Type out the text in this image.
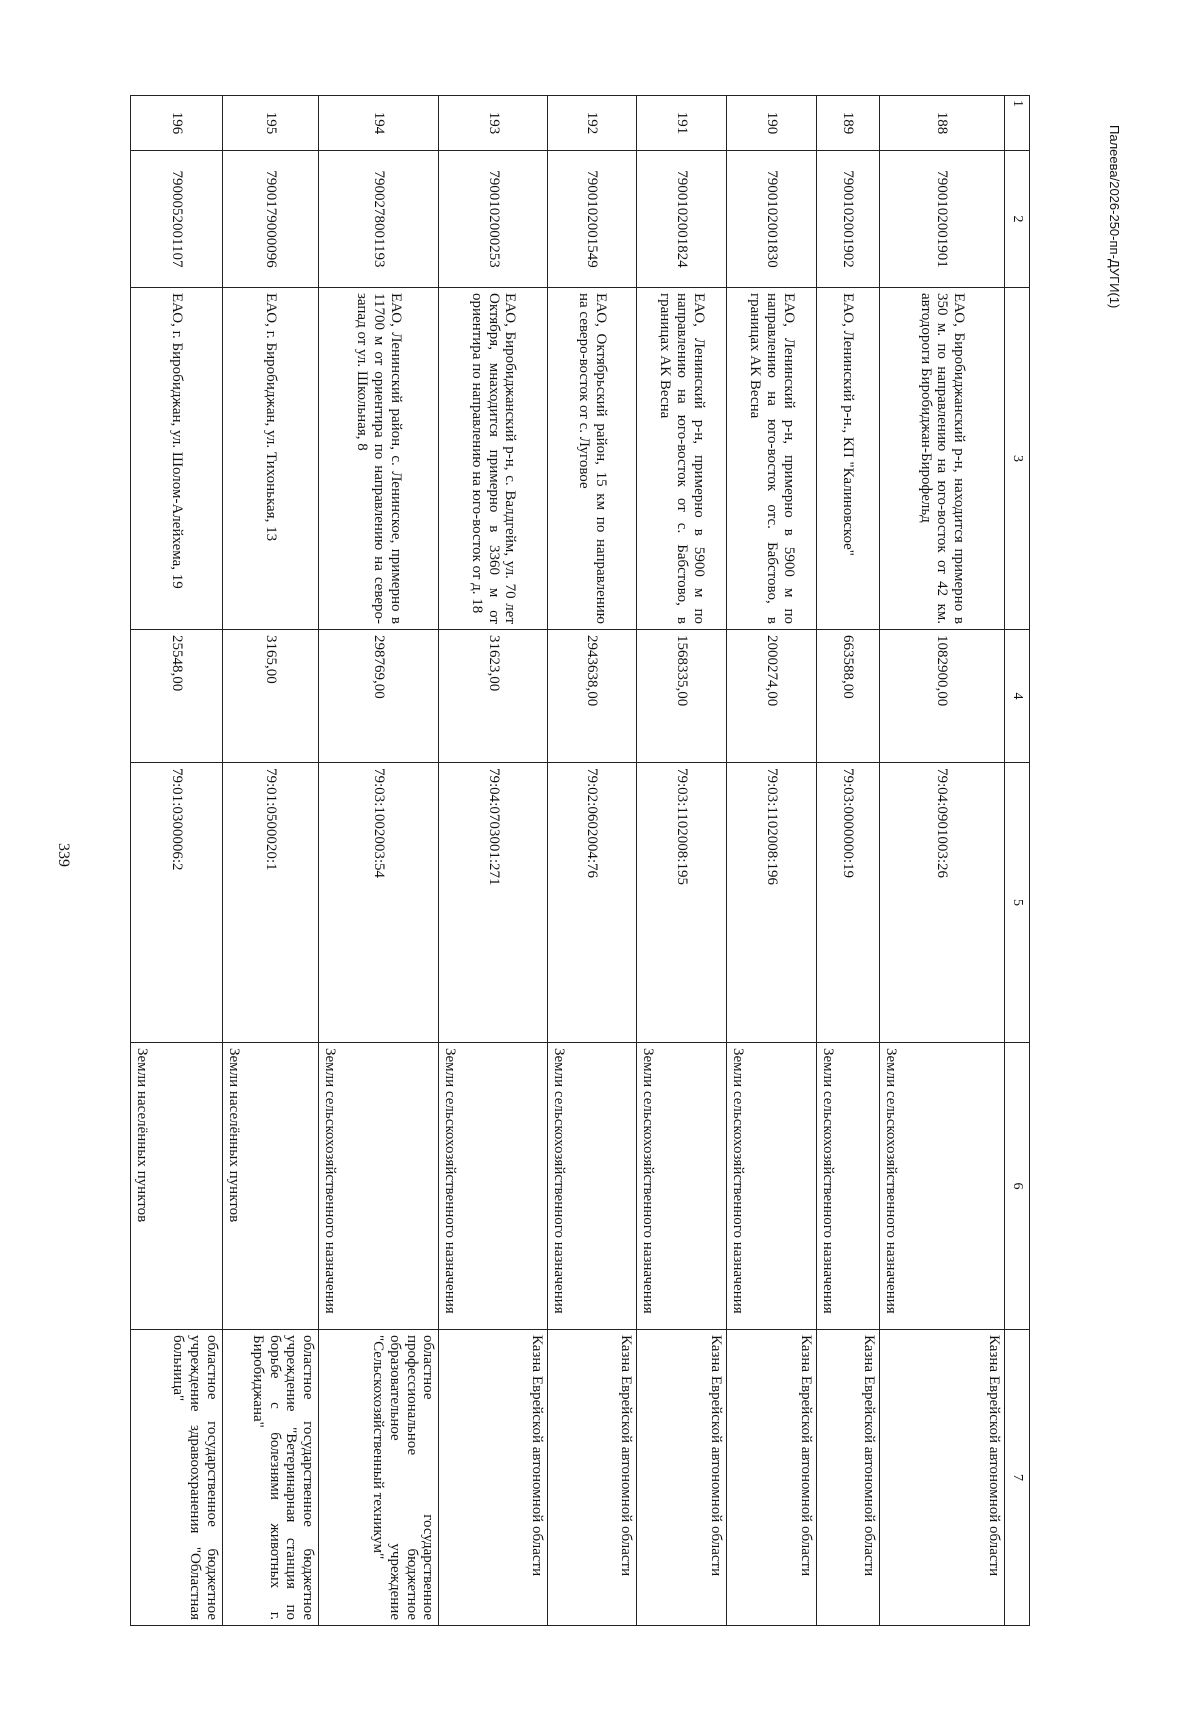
339
Палеева/2026-250-пп-ДУГИ(1)
1	2	3	4	5	6	7
188	7900102001901	ЕАО, Биробиджанский р-н, находится примерно в 350 м. по направлению на юго-восток от 42 км. автодороги Биробиджан-Бирофельд	1082900,00	79:04:0901003:26	Земли сельскохозяйственного назначения	Казна Еврейской автономной области
189	7900102001902	ЕАО, Ленинский р-н., КП "Калиновское"	663588,00	79:03:0000000:19	Земли сельскохозяйственного назначения	Казна Еврейской автономной области
190	7900102001830	ЕАО, Ленинский р-н, примерно в 5900 м по направлению на юго-восток отс. Бабстово, в границах АК Весна	2000274,00	79:03:1102008:196	Земли сельскохозяйственного назначения	Казна Еврейской автономной области
191	7900102001824	ЕАО, Ленинский р-н, примерно в 5900 м по направлению на юго-восток от с. Бабстово, в границах АК Весна	1568335,00	79:03:1102008:195	Земли сельскохозяйственного назначения	Казна Еврейской автономной области
192	7900102001549	ЕАО, Октябрьский район, 15 км по направлению на северо-восток от с. Луговое	2943638,00	79:02:0602004:76	Земли сельскохозяйственного назначения	Казна Еврейской автономной области
193	7900102000253	ЕАО, Биробиджанский р-н, с. Валдгейм, ул. 70 лет Октября, мнаходится примерно в 3360 м от ориентира по направлению на юго-восток от д. 18	31623,00	79:04:0703001:271	Земли сельскохозяйственного назначения	Казна Еврейской автономной области
194	7900278001193	ЕАО, Ленинский район, с. Ленинское, примерно в 11700 м от ориентира по направлению на северо-запад от ул. Школьная, 8	298769,00	79:03:1002003:54	Земли сельскохозяйственного назначения	областное государственное профессиональное бюджетное образовательное учреждение "Сельскохозяйственный техникум"
195	7900179000096	ЕАО, г. Биробиджан, ул. Тихонькая, 13	3165,00	79:01:0500020:1	Земли населённых пунктов	областное государственное бюджетное учреждение "Ветеринарная станция по борьбе с болезнями животных г. Биробиджана"
196	7900052001107	ЕАО, г. Биробиджан, ул. Шолом-Алейхема, 19	25548,00	79:01:0300006:2	Земли населённых пунктов	областное государственное бюджетное учреждение здравоохранения "Областная больница"
